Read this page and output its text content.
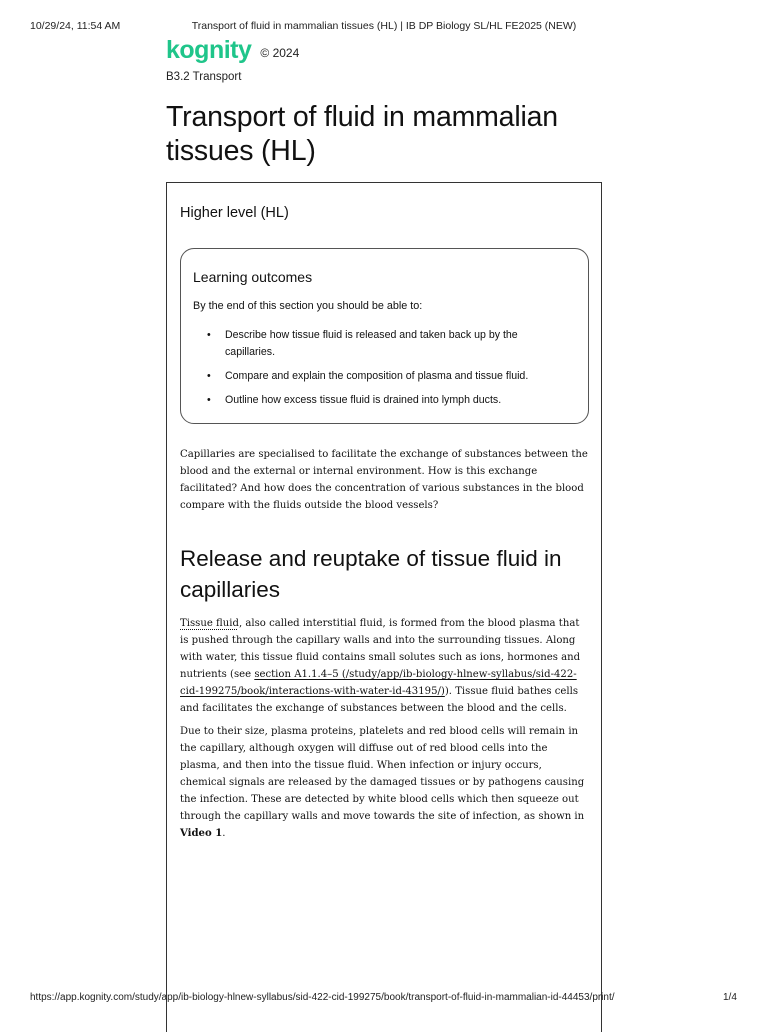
10/29/24, 11:54 AM	Transport of fluid in mammalian tissues (HL) | IB DP Biology SL/HL FE2025 (NEW)
kognity © 2024
B3.2 Transport
Transport of fluid in mammalian tissues (HL)
Higher level (HL)
Learning outcomes
By the end of this section you should be able to:
• Describe how tissue fluid is released and taken back up by the capillaries.
• Compare and explain the composition of plasma and tissue fluid.
• Outline how excess tissue fluid is drained into lymph ducts.

Capillaries are specialised to facilitate the exchange of substances between the blood and the external or internal environment. How is this exchange facilitated? And how does the concentration of various substances in the blood compare with the fluids outside the blood vessels?

Release and reuptake of tissue fluid in capillaries

Tissue fluid, also called interstitial fluid, is formed from the blood plasma that is pushed through the capillary walls and into the surrounding tissues. Along with water, this tissue fluid contains small solutes such as ions, hormones and nutrients (see section A1.1.4–5 (/study/app/ib-biology-hlnew-syllabus/sid-422-cid-199275/book/interactions-with-water-id-43195/)). Tissue fluid bathes cells and facilitates the exchange of substances between the blood and the cells.

Due to their size, plasma proteins, platelets and red blood cells will remain in the capillary, although oxygen will diffuse out of red blood cells into the plasma, and then into the tissue fluid. When infection or injury occurs, chemical signals are released by the damaged tissues or by pathogens causing the infection. These are detected by white blood cells which then squeeze out through the capillary walls and move towards the site of infection, as shown in Video 1.

https://app.kognity.com/study/app/ib-biology-hlnew-syllabus/sid-422-cid-199275/book/transport-of-fluid-in-mammalian-id-44453/print/	1/4
